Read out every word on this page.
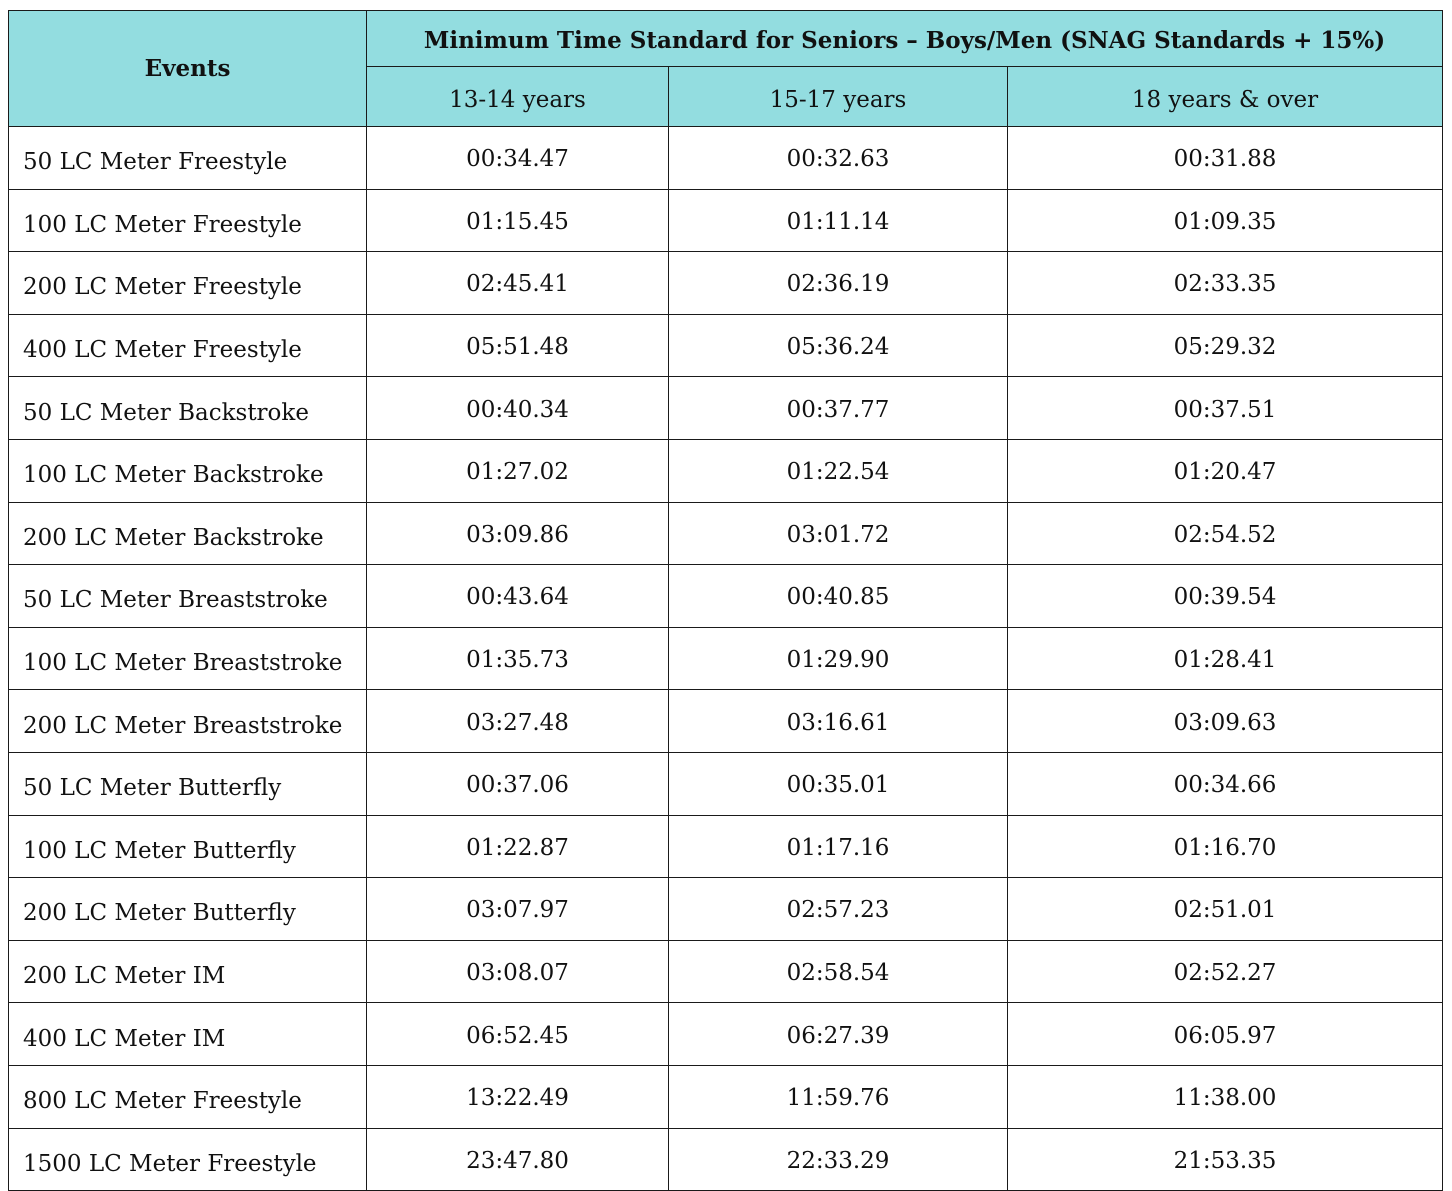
Events	Minimum Time Standard for Seniors – Boys/Men (SNAG Standards + 15%)		
	13-14 years	15-17 years	18 years & over
50 LC Meter Freestyle	00:34.47	00:32.63	00:31.88
100 LC Meter Freestyle	01:15.45	01:11.14	01:09.35
200 LC Meter Freestyle	02:45.41	02:36.19	02:33.35
400 LC Meter Freestyle	05:51.48	05:36.24	05:29.32
50 LC Meter Backstroke	00:40.34	00:37.77	00:37.51
100 LC Meter Backstroke	01:27.02	01:22.54	01:20.47
200 LC Meter Backstroke	03:09.86	03:01.72	02:54.52
50 LC Meter Breaststroke	00:43.64	00:40.85	00:39.54
100 LC Meter Breaststroke	01:35.73	01:29.90	01:28.41
200 LC Meter Breaststroke	03:27.48	03:16.61	03:09.63
50 LC Meter Butterfly	00:37.06	00:35.01	00:34.66
100 LC Meter Butterfly	01:22.87	01:17.16	01:16.70
200 LC Meter Butterfly	03:07.97	02:57.23	02:51.01
200 LC Meter IM	03:08.07	02:58.54	02:52.27
400 LC Meter IM	06:52.45	06:27.39	06:05.97
800 LC Meter Freestyle	13:22.49	11:59.76	11:38.00
1500 LC Meter Freestyle	23:47.80	22:33.29	21:53.35
